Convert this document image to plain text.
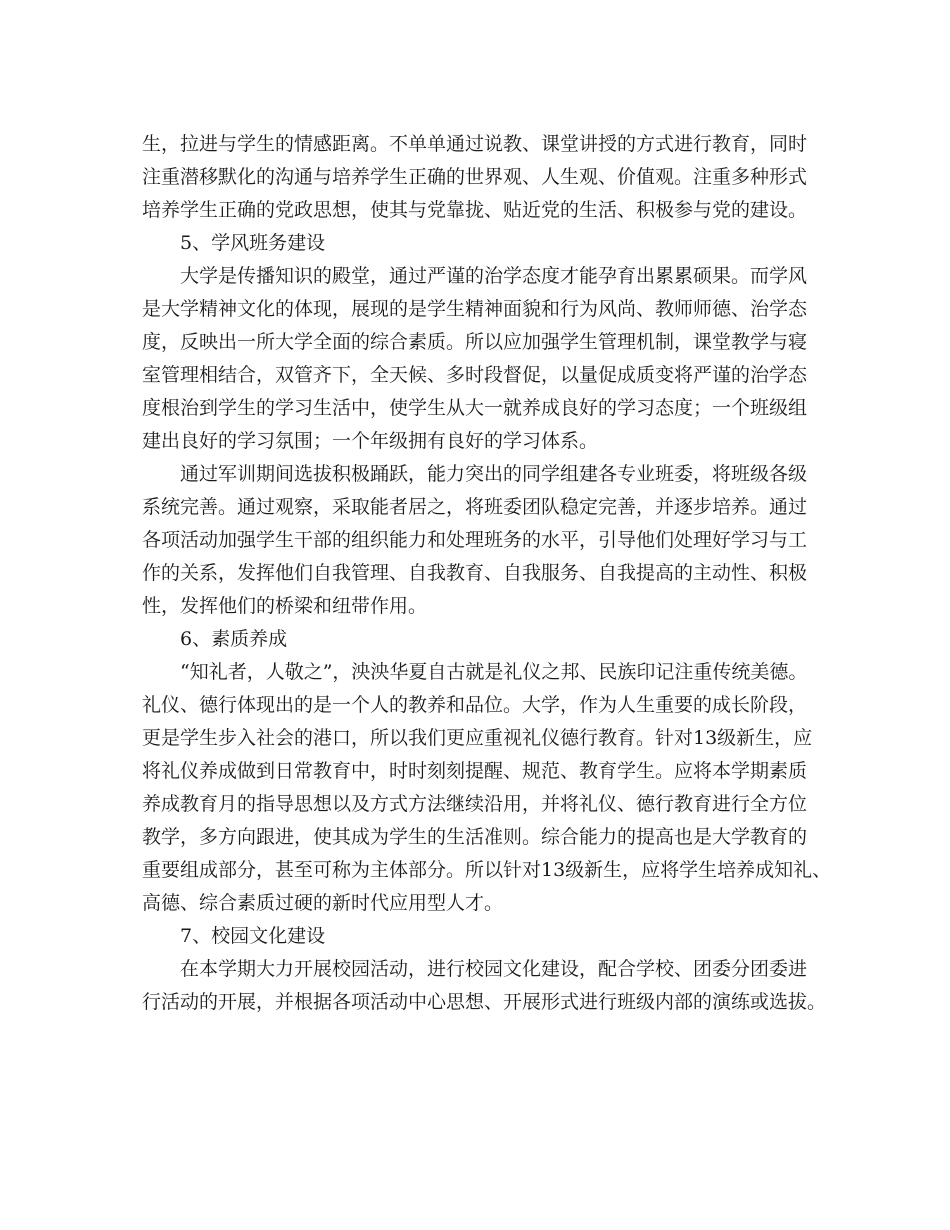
生，拉进与学生的情感距离。不单单通过说教、课堂讲授的方式进行教育，同时
注重潜移默化的沟通与培养学生正确的世界观、人生观、价值观。注重多种形式
培养学生正确的党政思想，使其与党靠拢、贴近党的生活、积极参与党的建设。
5、学风班务建设
大学是传播知识的殿堂，通过严谨的治学态度才能孕育出累累硕果。而学风
是大学精神文化的体现，展现的是学生精神面貌和行为风尚、教师师德、治学态
度，反映出一所大学全面的综合素质。所以应加强学生管理机制，课堂教学与寝
室管理相结合，双管齐下，全天候、多时段督促，以量促成质变将严谨的治学态
度根治到学生的学习生活中，使学生从大一就养成良好的学习态度；一个班级组
建出良好的学习氛围；一个年级拥有良好的学习体系。
通过军训期间选拔积极踊跃，能力突出的同学组建各专业班委，将班级各级
系统完善。通过观察，采取能者居之，将班委团队稳定完善，并逐步培养。通过
各项活动加强学生干部的组织能力和处理班务的水平，引导他们处理好学习与工
作的关系，发挥他们自我管理、自我教育、自我服务、自我提高的主动性、积极
性，发挥他们的桥梁和纽带作用。
6、素质养成
“知礼者，人敬之”，泱泱华夏自古就是礼仪之邦、民族印记注重传统美德。
礼仪、德行体现出的是一个人的教养和品位。大学，作为人生重要的成长阶段，
更是学生步入社会的港口，所以我们更应重视礼仪德行教育。针对13级新生，应
将礼仪养成做到日常教育中，时时刻刻提醒、规范、教育学生。应将本学期素质
养成教育月的指导思想以及方式方法继续沿用，并将礼仪、德行教育进行全方位
教学，多方向跟进，使其成为学生的生活准则。综合能力的提高也是大学教育的
重要组成部分，甚至可称为主体部分。所以针对13级新生，应将学生培养成知礼、
高德、综合素质过硬的新时代应用型人才。
7、校园文化建设
在本学期大力开展校园活动，进行校园文化建设，配合学校、团委分团委进
行活动的开展，并根据各项活动中心思想、开展形式进行班级内部的演练或选拔。
